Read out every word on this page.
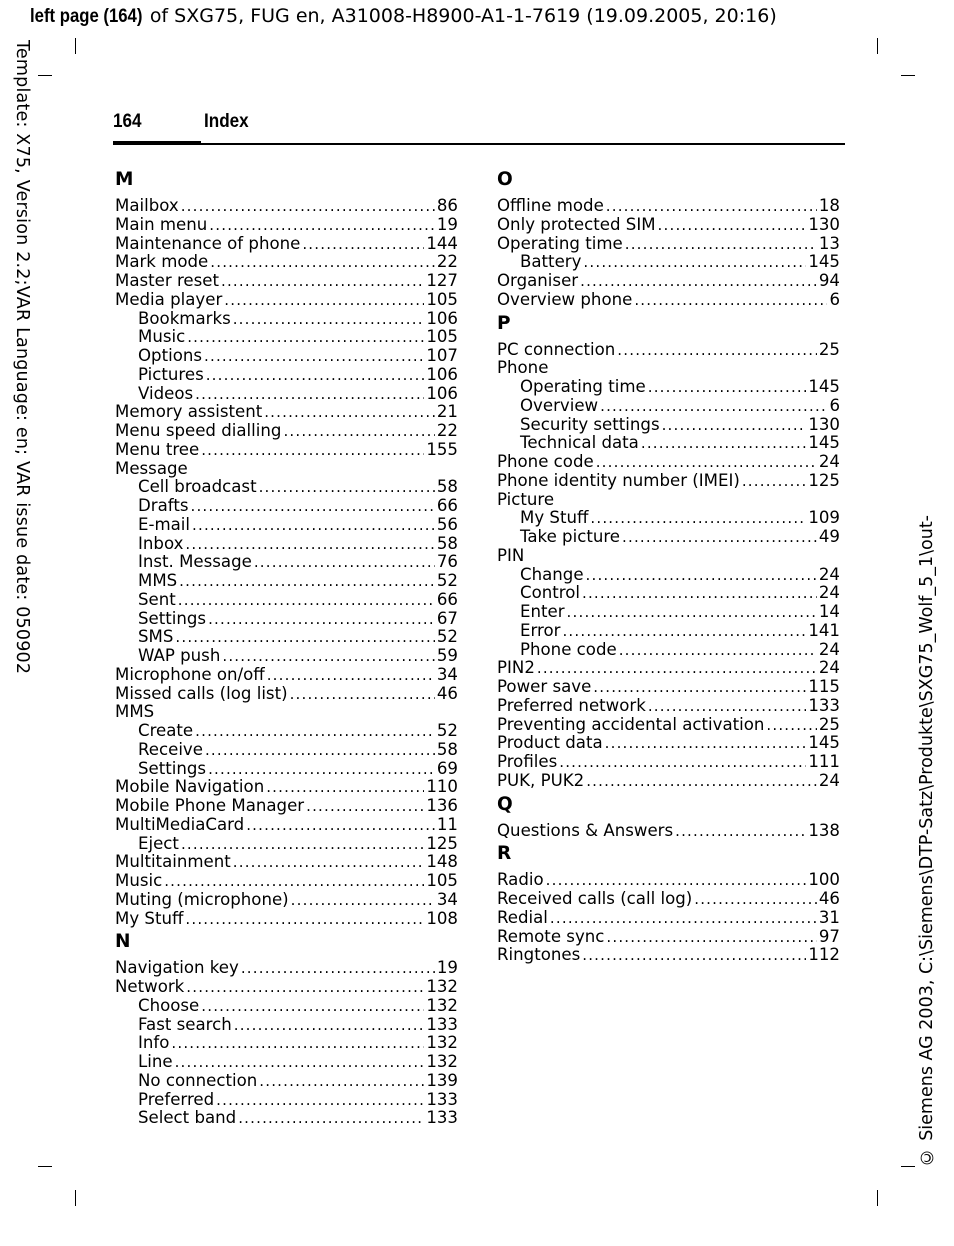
left page (164) of SXG75, FUG en, A31008-H8900-A1-1-7619 (19.09.2005, 20:16)
Template: X75, Version 2.2;VAR Language: en; VAR issue date: 050902
© Siemens AG 2003, C:\Siemens\DTP-Satz\Produkte\SXG75_Wolf_5_1\out-
164	Index
M
Mailbox .....	86
Main menu .....	19
Maintenance of phone .....	144
Mark mode .....	22
Master reset .....	127
Media player .....	105
Bookmarks .....	106
Music .....	105
Options .....	107
Pictures .....	106
Videos .....	106
Memory assistent .....	21
Menu speed dialling .....	22
Menu tree .....	155
Message
Cell broadcast .....	58
Drafts .....	66
E-mail .....	56
Inbox .....	58
Inst. Message .....	76
MMS .....	52
Sent .....	66
Settings .....	67
SMS .....	52
WAP push .....	59
Microphone on/off .....	34
Missed calls (log list) .....	46
MMS
Create .....	52
Receive .....	58
Settings .....	69
Mobile Navigation .....	110
Mobile Phone Manager .....	136
MultiMediaCard .....	11
Eject .....	125
Multitainment .....	148
Music .....	105
Muting (microphone) .....	34
My Stuff .....	108
N
Navigation key .....	19
Network .....	132
Choose .....	132
Fast search .....	133
Info .....	132
Line .....	132
No connection .....	139
Preferred .....	133
Select band .....	133
O
Offline mode .....	18
Only protected SIM .....	130
Operating time .....	13
Battery .....	145
Organiser .....	94
Overview phone .....	6
P
PC connection .....	25
Phone
Operating time .....	145
Overview .....	6
Security settings .....	130
Technical data .....	145
Phone code .....	24
Phone identity number (IMEI) .....	125
Picture
My Stuff .....	109
Take picture .....	49
PIN
Change .....	24
Control .....	24
Enter .....	14
Error .....	141
Phone code .....	24
PIN2 .....	24
Power save .....	115
Preferred network .....	133
Preventing accidental activation .....	25
Product data .....	145
Profiles .....	111
PUK, PUK2 .....	24
Q
Questions & Answers .....	138
R
Radio .....	100
Received calls (call log) .....	46
Redial .....	31
Remote sync .....	97
Ringtones .....	112
